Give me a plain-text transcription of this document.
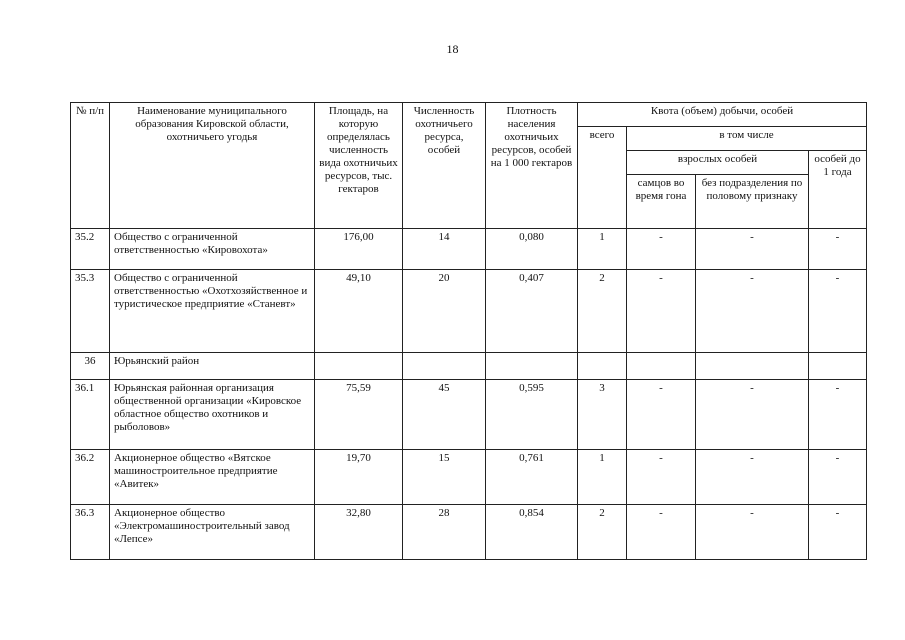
18
№ п/п	Наименование муниципального образования Кировской области, охотничьего угодья	Площадь, на которую определялась численность вида охотничьих ресурсов, тыс. гектаров	Численность охотничьего ресурса, особей	Плотность населения охотничьих ресурсов, особей на 1 000 гектаров	Квота (объем) добычи, особей			
					всего	в том числе		
						взрослых особей		особей до 1 года
						самцов во время гона	без подразделения по половому признаку	
35.2	Общество с ограниченной ответственностью «Кировохота»	176,00	14	0,080	1	-	-	-
35.3	Общество с ограниченной ответственностью «Охотхозяйственное и туристическое предприятие «Станевт»	49,10	20	0,407	2	-	-	-
36	Юрьянский район							
36.1	Юрьянская районная организация общественной организации «Кировское областное общество охотников и рыболовов»	75,59	45	0,595	3	-	-	-
36.2	Акционерное общество «Вятское машиностроительное предприятие «Авитек»	19,70	15	0,761	1	-	-	-
36.3	Акционерное общество «Электромашиностроительный завод «Лепсе»	32,80	28	0,854	2	-	-	-
